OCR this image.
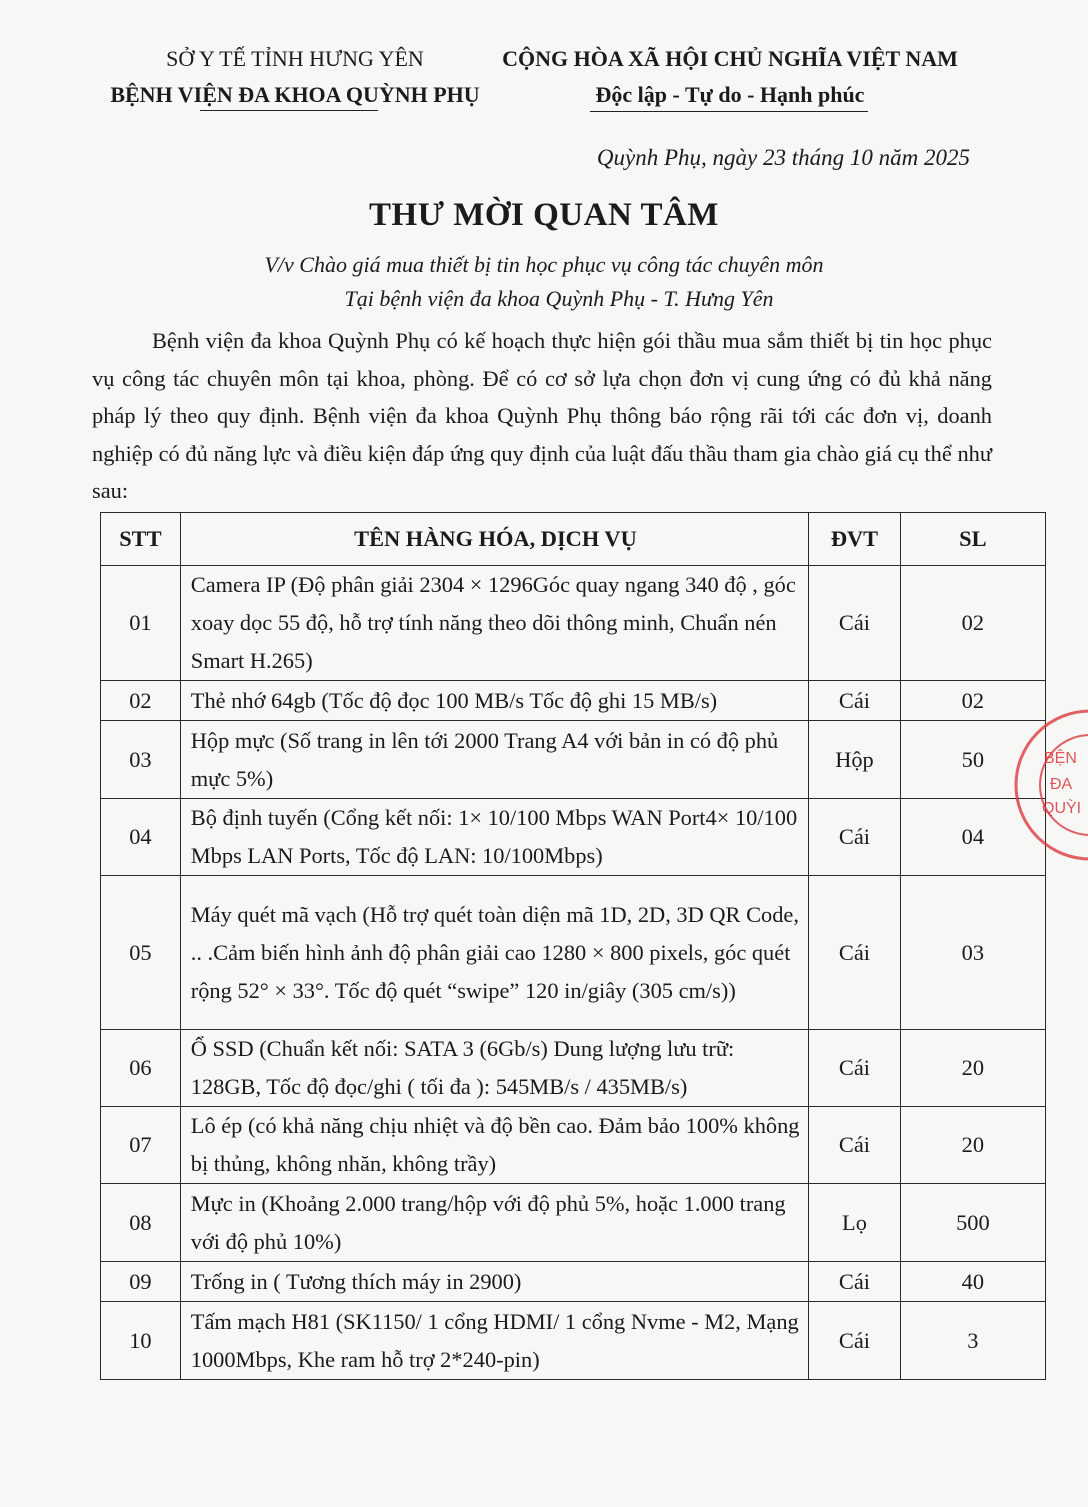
SỞ Y TẾ TỈNH HƯNG YÊN
BỆNH VIỆN ĐA KHOA QUỲNH PHỤ
CỘNG HÒA XÃ HỘI CHỦ NGHĨA VIỆT NAM
Độc lập - Tự do - Hạnh phúc
Quỳnh Phụ, ngày 23 tháng 10 năm 2025
THƯ MỜI QUAN TÂM
V/v Chào giá mua thiết bị tin học phục vụ công tác chuyên môn
Tại bệnh viện đa khoa Quỳnh Phụ - T. Hưng Yên

Bệnh viện đa khoa Quỳnh Phụ có kế hoạch thực hiện gói thầu mua sắm thiết bị tin học phục vụ công tác chuyên môn tại khoa, phòng. Để có cơ sở lựa chọn đơn vị cung ứng có đủ khả năng pháp lý theo quy định. Bệnh viện đa khoa Quỳnh Phụ thông báo rộng rãi tới các đơn vị, doanh nghiệp có đủ năng lực và điều kiện đáp ứng quy định của luật đấu thầu tham gia chào giá cụ thể như sau:

STT	TÊN HÀNG HÓA, DỊCH VỤ	ĐVT	SL
01	Camera IP (Độ phân giải 2304 × 1296Góc quay ngang 340 độ , góc xoay dọc 55 độ, hỗ trợ tính năng theo dõi thông minh, Chuẩn nén Smart H.265)	Cái	02
02	Thẻ nhớ 64gb (Tốc độ đọc 100 MB/s Tốc độ ghi 15 MB/s)	Cái	02
03	Hộp mực (Số trang in lên tới 2000 Trang A4 với bản in có độ phủ mực 5%)	Hộp	50
04	Bộ định tuyến (Cổng kết nối: 1× 10/100 Mbps WAN Port4× 10/100 Mbps LAN Ports, Tốc độ LAN: 10/100Mbps)	Cái	04
05	Máy quét mã vạch (Hỗ trợ quét toàn diện mã 1D, 2D, 3D QR Code, .. .Cảm biến hình ảnh độ phân giải cao 1280 × 800 pixels, góc quét rộng 52° × 33°. Tốc độ quét “swipe” 120 in/giây (305 cm/s))	Cái	03
06	Ổ SSD (Chuẩn kết nối: SATA 3 (6Gb/s) Dung lượng lưu trữ: 128GB, Tốc độ đọc/ghi ( tối đa ): 545MB/s / 435MB/s)	Cái	20
07	Lô ép (có khả năng chịu nhiệt và độ bền cao. Đảm bảo 100% không bị thủng, không nhăn, không trầy)	Cái	20
08	Mực in (Khoảng 2.000 trang/hộp với độ phủ 5%, hoặc 1.000 trang với độ phủ 10%)	Lọ	500
09	Trống in ( Tương thích máy in 2900)	Cái	40
10	Tấm mạch H81 (SK1150/ 1 cổng HDMI/ 1 cổng Nvme - M2, Mạng 1000Mbps, Khe ram hỗ trợ 2*240-pin)	Cái	3
BỆN
ĐA
QUỲI
